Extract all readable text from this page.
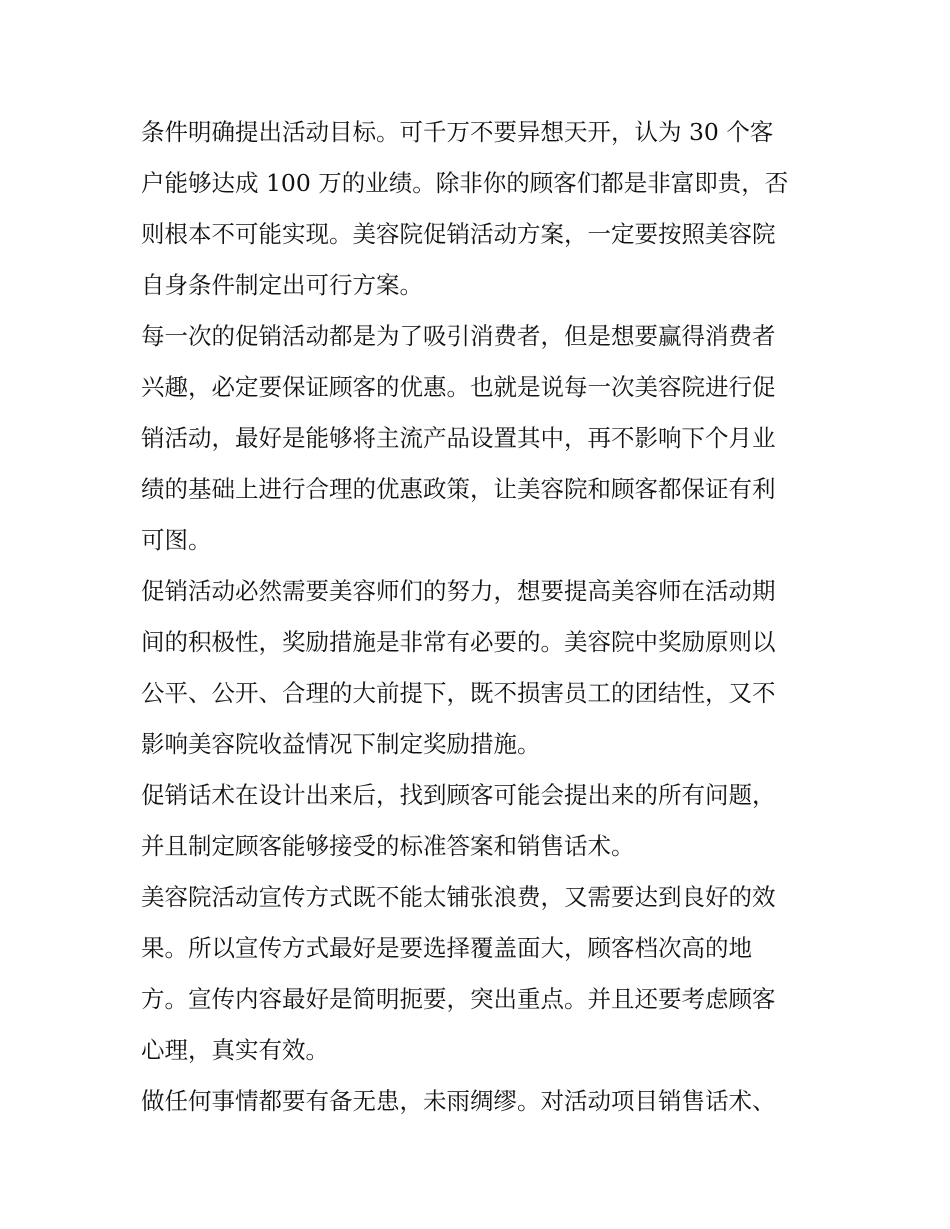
条件明确提出活动目标。可千万不要异想天开，认为 30 个客
户能够达成 100 万的业绩。除非你的顾客们都是非富即贵，否
则根本不可能实现。美容院促销活动方案，一定要按照美容院
自身条件制定出可行方案。
每一次的促销活动都是为了吸引消费者，但是想要赢得消费者
兴趣，必定要保证顾客的优惠。也就是说每一次美容院进行促
销活动，最好是能够将主流产品设置其中，再不影响下个月业
绩的基础上进行合理的优惠政策，让美容院和顾客都保证有利
可图。
促销活动必然需要美容师们的努力，想要提高美容师在活动期
间的积极性，奖励措施是非常有必要的。美容院中奖励原则以
公平、公开、合理的大前提下，既不损害员工的团结性，又不
影响美容院收益情况下制定奖励措施。
促销话术在设计出来后，找到顾客可能会提出来的所有问题，
并且制定顾客能够接受的标准答案和销售话术。
美容院活动宣传方式既不能太铺张浪费，又需要达到良好的效
果。所以宣传方式最好是要选择覆盖面大，顾客档次高的地
方。宣传内容最好是简明扼要，突出重点。并且还要考虑顾客
心理，真实有效。
做任何事情都要有备无患，未雨绸缪。对活动项目销售话术、
